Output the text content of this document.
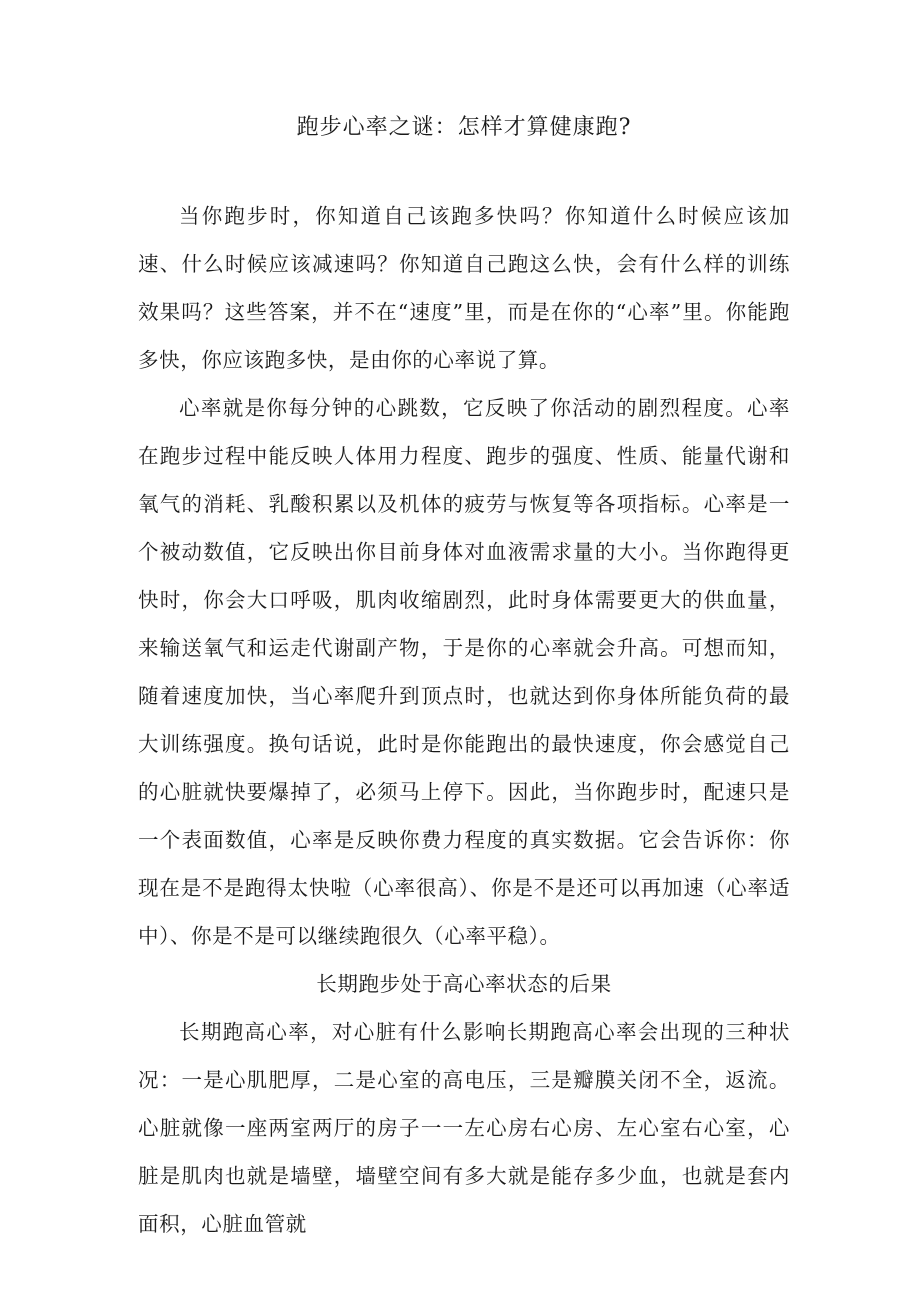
跑步心率之谜：怎样才算健康跑?

当你跑步时，你知道自己该跑多快吗？你知道什么时候应该加速、什么时候应该减速吗？你知道自己跑这么快，会有什么样的训练效果吗？这些答案，并不在“速度”里，而是在你的“心率”里。你能跑多快，你应该跑多快，是由你的心率说了算。

心率就是你每分钟的心跳数，它反映了你活动的剧烈程度。心率在跑步过程中能反映人体用力程度、跑步的强度、性质、能量代谢和氧气的消耗、乳酸积累以及机体的疲劳与恢复等各项指标。心率是一个被动数值，它反映出你目前身体对血液需求量的大小。当你跑得更快时，你会大口呼吸，肌肉收缩剧烈，此时身体需要更大的供血量，来输送氧气和运走代谢副产物，于是你的心率就会升高。可想而知，随着速度加快，当心率爬升到顶点时，也就达到你身体所能负荷的最大训练强度。换句话说，此时是你能跑出的最快速度，你会感觉自己的心脏就快要爆掉了，必须马上停下。因此，当你跑步时，配速只是一个表面数值，心率是反映你费力程度的真实数据。它会告诉你：你现在是不是跑得太快啦（心率很高）、你是不是还可以再加速（心率适中）、你是不是可以继续跑很久（心率平稳）。

长期跑步处于高心率状态的后果

长期跑高心率，对心脏有什么影响长期跑高心率会出现的三种状况：一是心肌肥厚，二是心室的高电压，三是瓣膜关闭不全，返流。心脏就像一座两室两厅的房子一一左心房右心房、左心室右心室，心脏是肌肉也就是墙壁，墙壁空间有多大就是能存多少血，也就是套内面积，心脏血管就
